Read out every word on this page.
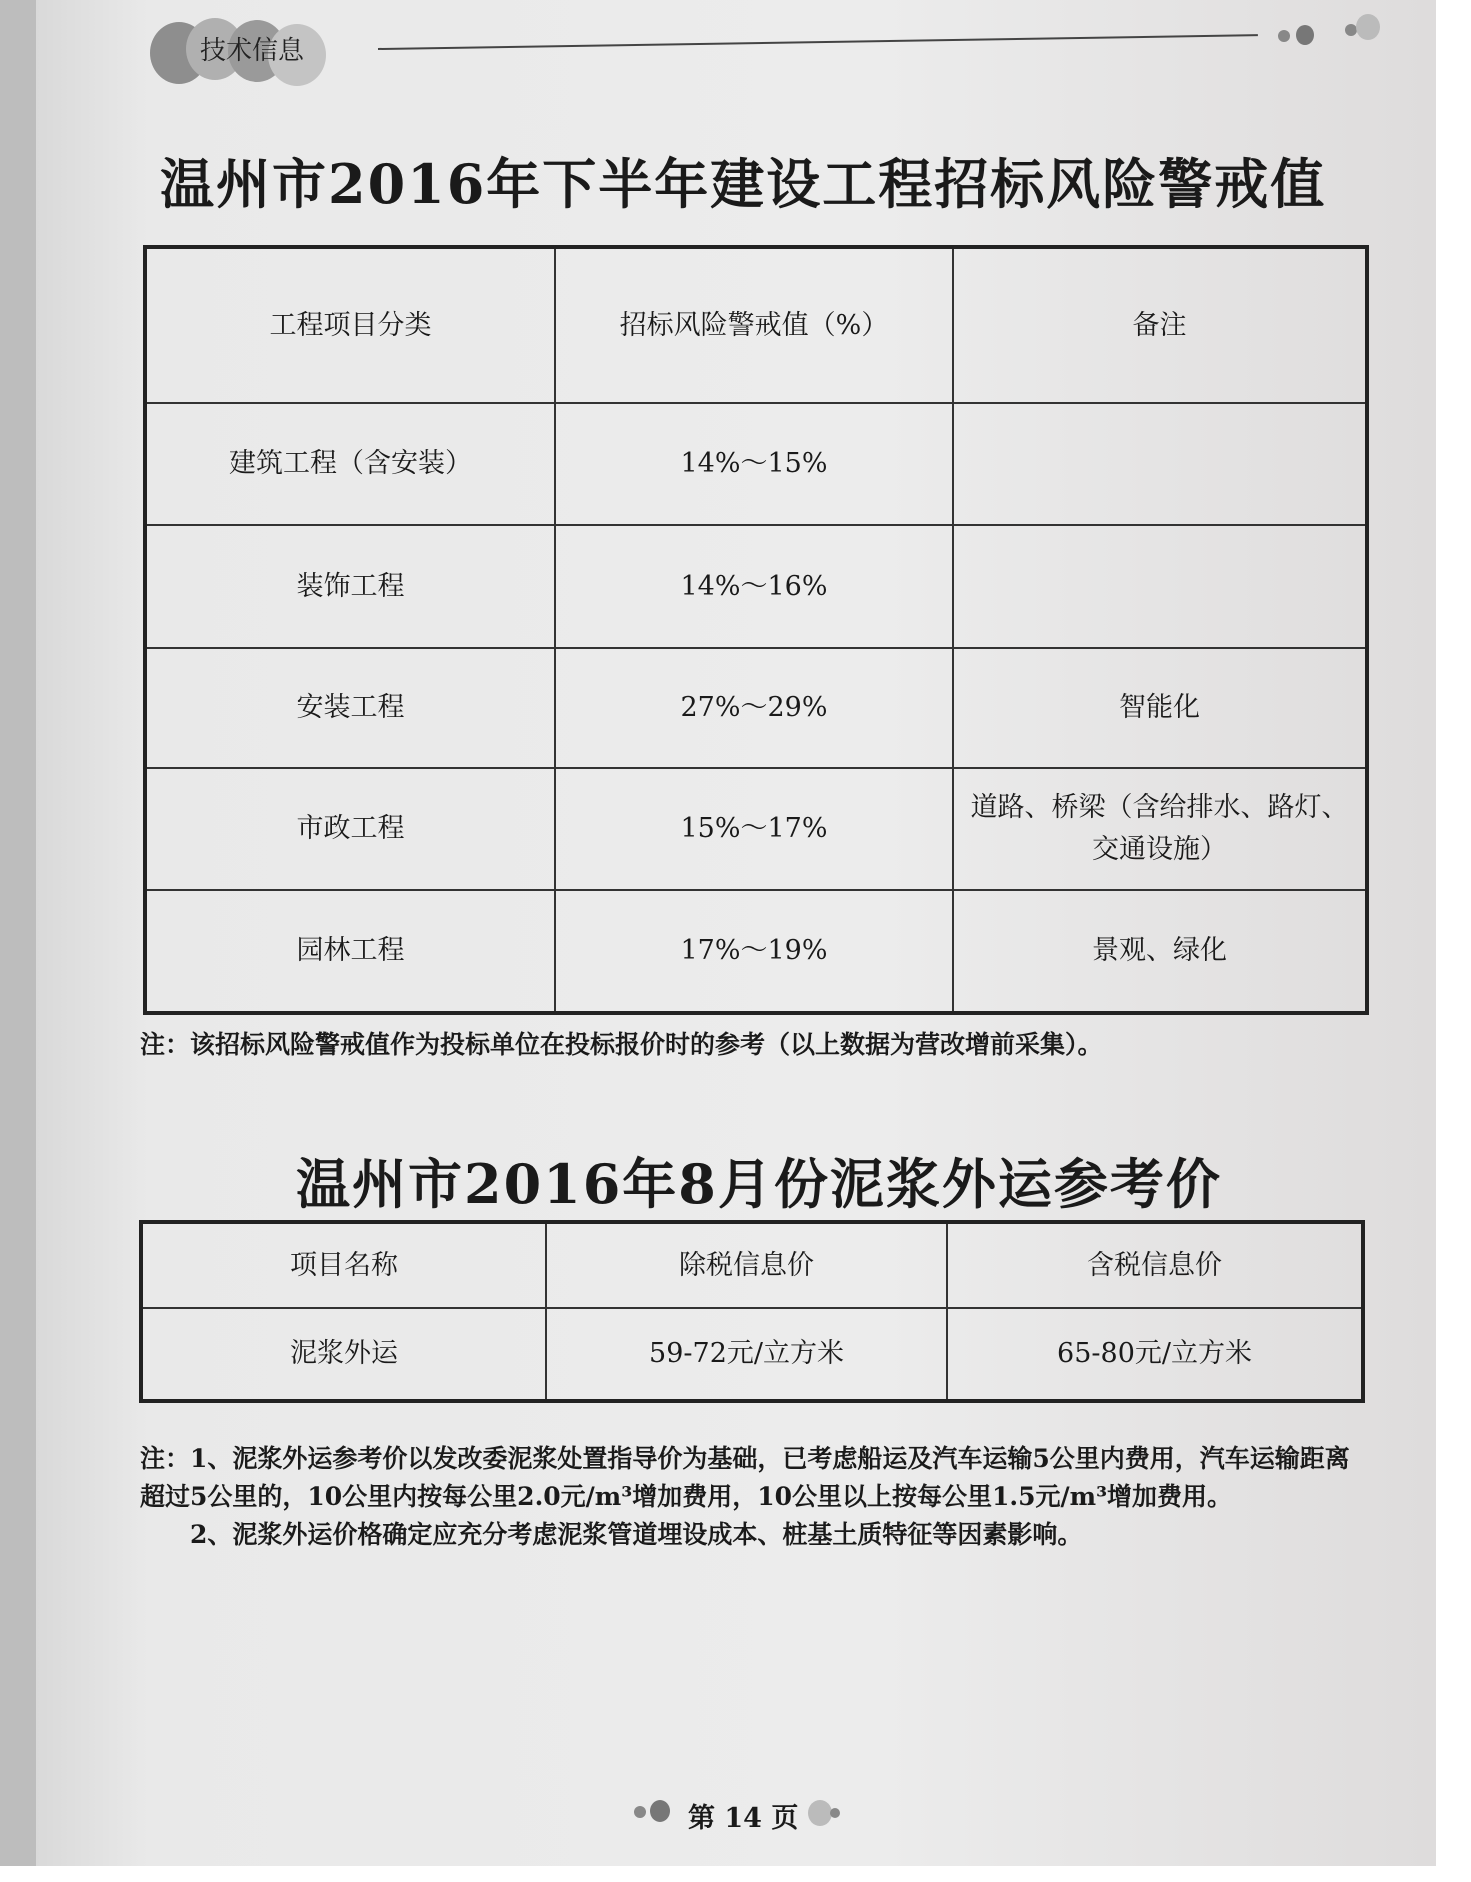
技术信息
温州市2016年下半年建设工程招标风险警戒值
工程项目分类	招标风险警戒值（%）	备注
建筑工程（含安装）	14%～15%	
装饰工程	14%～16%	
安装工程	27%～29%	智能化
市政工程	15%～17%	道路、桥梁（含给排水、路灯、交通设施）
园林工程	17%～19%	景观、绿化
注：该招标风险警戒值作为投标单位在投标报价时的参考（以上数据为营改增前采集）。
温州市2016年8月份泥浆外运参考价
项目名称	除税信息价	含税信息价
泥浆外运	59-72元/立方米	65-80元/立方米
注：1、泥浆外运参考价以发改委泥浆处置指导价为基础，已考虑船运及汽车运输5公里内费用，汽车运输距离超过5公里的，10公里内按每公里2.0元/m³增加费用，10公里以上按每公里1.5元/m³增加费用。
2、泥浆外运价格确定应充分考虑泥浆管道埋设成本、桩基土质特征等因素影响。
第 14 页
